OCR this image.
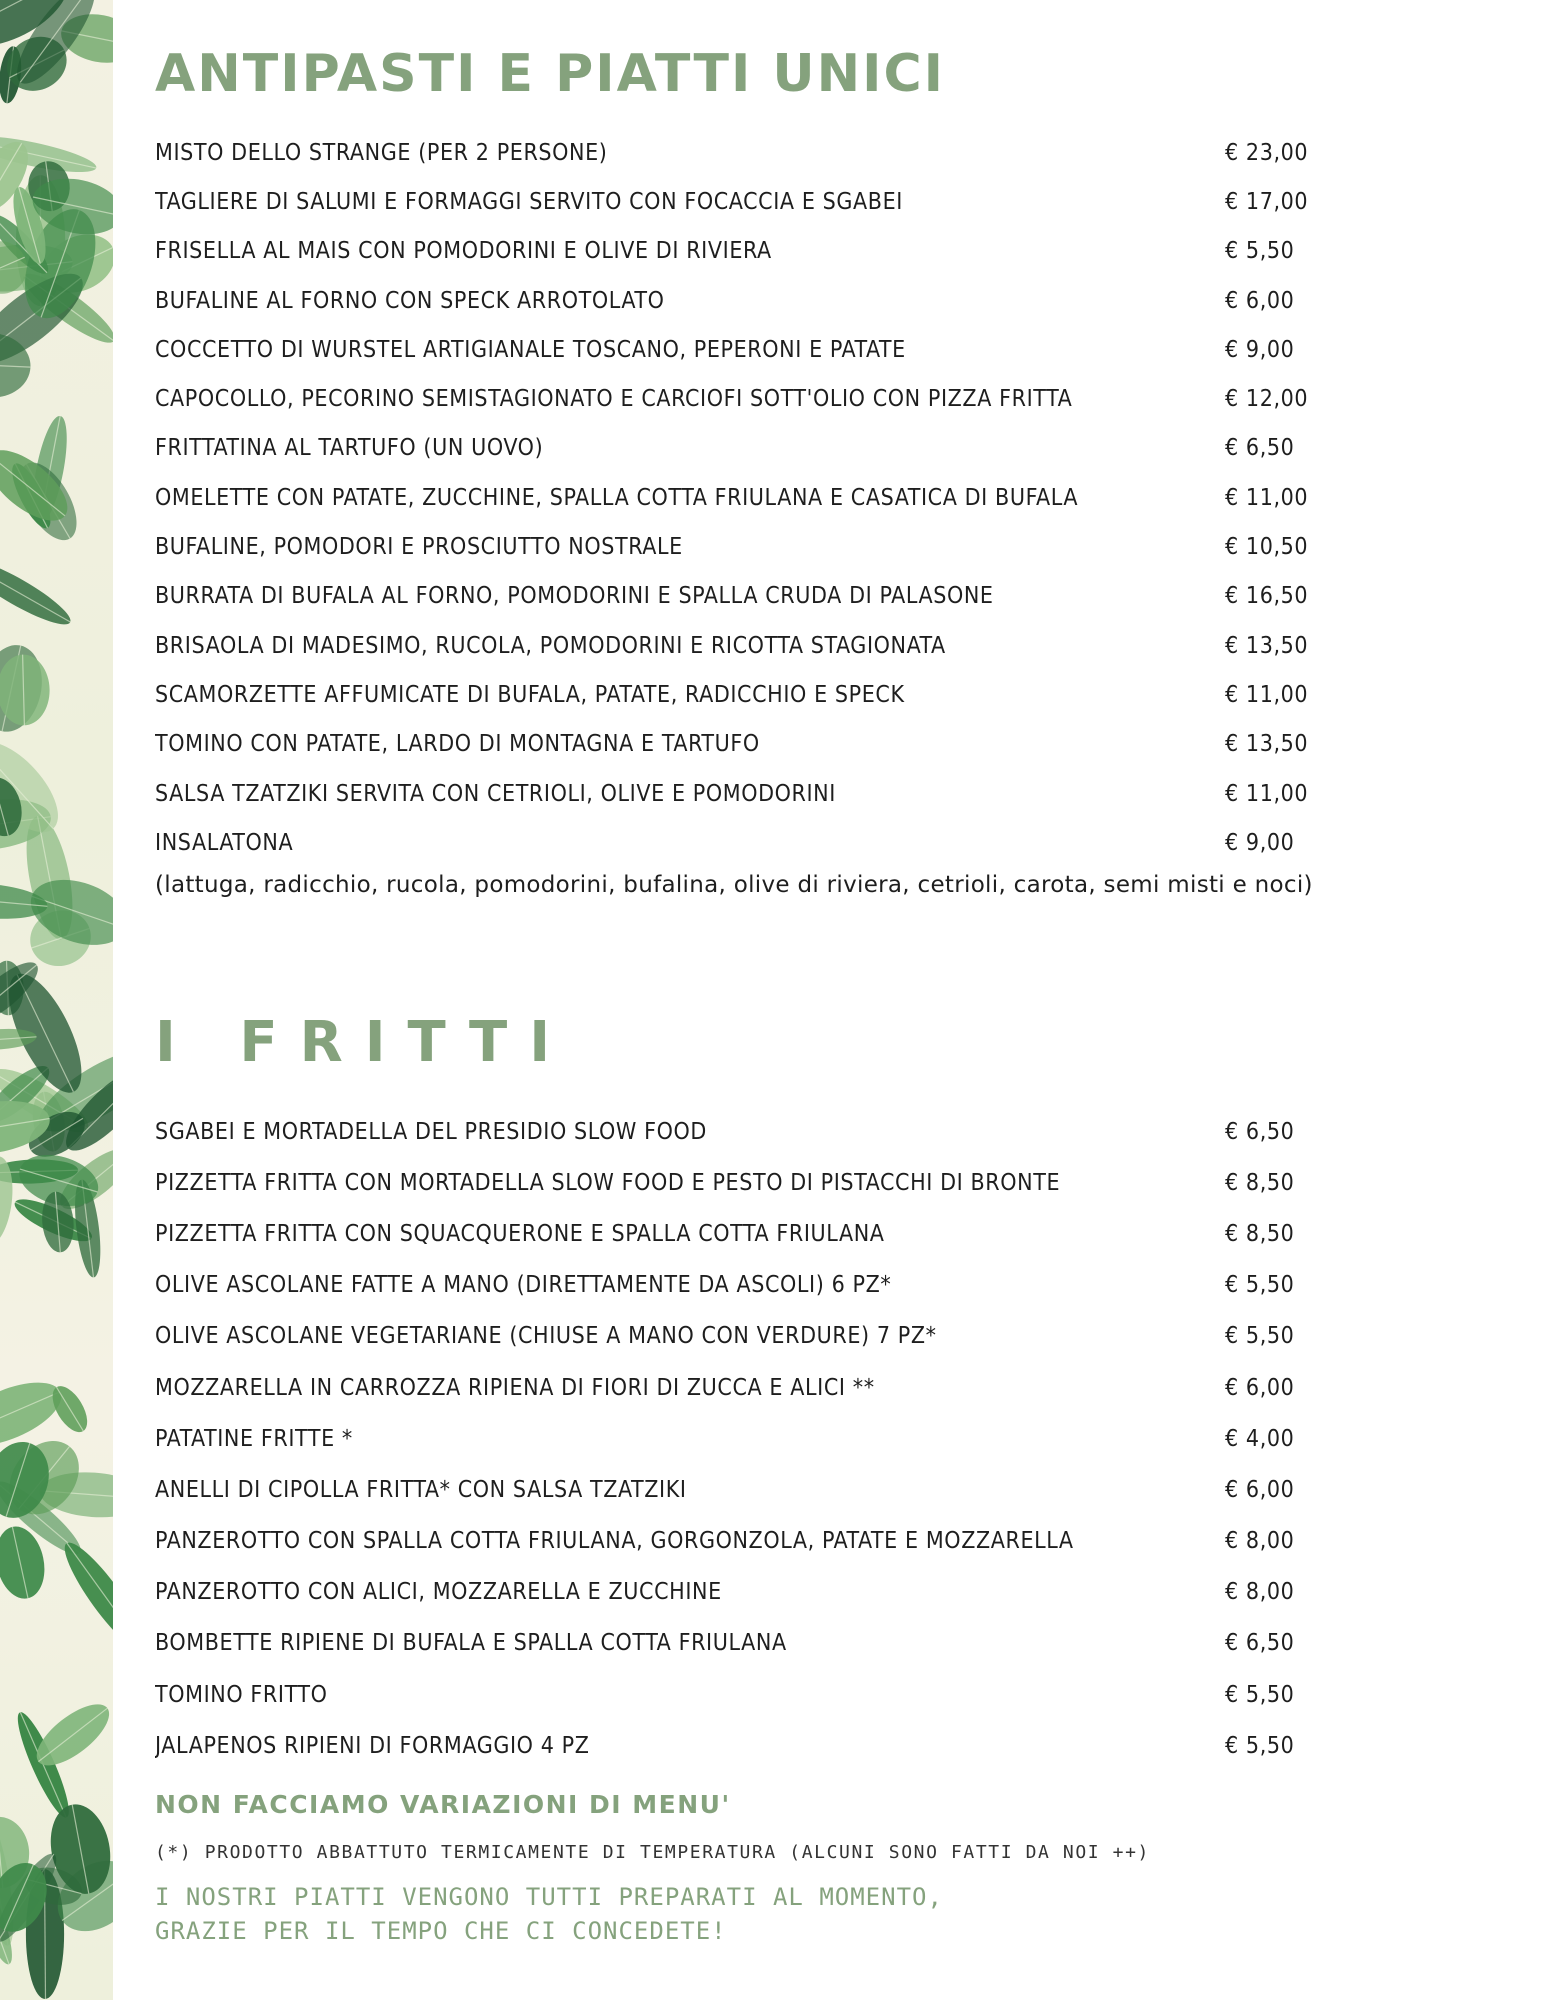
ANTIPASTI E PIATTI UNICI
MISTO DELLO STRANGE (PER 2 PERSONE)	€ 23,00
TAGLIERE DI SALUMI E FORMAGGI SERVITO CON FOCACCIA E SGABEI	€ 17,00
FRISELLA AL MAIS CON POMODORINI E OLIVE DI RIVIERA	€ 5,50
BUFALINE AL FORNO CON SPECK ARROTOLATO	€ 6,00
COCCETTO DI WURSTEL ARTIGIANALE TOSCANO, PEPERONI E PATATE	€ 9,00
CAPOCOLLO, PECORINO SEMISTAGIONATO E CARCIOFI SOTT'OLIO CON PIZZA FRITTA	€ 12,00
FRITTATINA AL TARTUFO (UN UOVO)	€ 6,50
OMELETTE CON PATATE, ZUCCHINE, SPALLA COTTA FRIULANA E CASATICA DI BUFALA	€ 11,00
BUFALINE, POMODORI E PROSCIUTTO NOSTRALE	€ 10,50
BURRATA DI BUFALA AL FORNO, POMODORINI E SPALLA CRUDA DI PALASONE	€ 16,50
BRISAOLA DI MADESIMO, RUCOLA, POMODORINI E RICOTTA STAGIONATA	€ 13,50
SCAMORZETTE AFFUMICATE DI BUFALA, PATATE, RADICCHIO E SPECK	€ 11,00
TOMINO CON PATATE, LARDO DI MONTAGNA E TARTUFO	€ 13,50
SALSA TZATZIKI SERVITA CON CETRIOLI, OLIVE E POMODORINI	€ 11,00
INSALATONA	€ 9,00
(lattuga, radicchio, rucola, pomodorini, bufalina, olive di riviera, cetrioli, carota, semi misti e noci)
I FRITTI
SGABEI E MORTADELLA DEL PRESIDIO SLOW FOOD	€ 6,50
PIZZETTA FRITTA CON MORTADELLA SLOW FOOD E PESTO DI PISTACCHI DI BRONTE	€ 8,50
PIZZETTA FRITTA CON SQUACQUERONE E SPALLA COTTA FRIULANA	€ 8,50
OLIVE ASCOLANE FATTE A MANO (DIRETTAMENTE DA ASCOLI) 6 PZ*	€ 5,50
OLIVE ASCOLANE VEGETARIANE (CHIUSE A MANO CON VERDURE) 7 PZ*	€ 5,50
MOZZARELLA IN CARROZZA RIPIENA DI FIORI DI ZUCCA E ALICI **	€ 6,00
PATATINE FRITTE *	€ 4,00
ANELLI DI CIPOLLA FRITTA* CON SALSA TZATZIKI	€ 6,00
PANZEROTTO CON SPALLA COTTA FRIULANA, GORGONZOLA, PATATE E MOZZARELLA	€ 8,00
PANZEROTTO CON ALICI, MOZZARELLA E ZUCCHINE	€ 8,00
BOMBETTE RIPIENE DI BUFALA E SPALLA COTTA FRIULANA	€ 6,50
TOMINO FRITTO	€ 5,50
JALAPENOS RIPIENI DI FORMAGGIO 4 PZ	€ 5,50
NON FACCIAMO VARIAZIONI DI MENU'
(*) PRODOTTO ABBATTUTO TERMICAMENTE DI TEMPERATURA (ALCUNI SONO FATTI DA NOI ++)
I NOSTRI PIATTI VENGONO TUTTI PREPARATI AL MOMENTO,
GRAZIE PER IL TEMPO CHE CI CONCEDETE!
